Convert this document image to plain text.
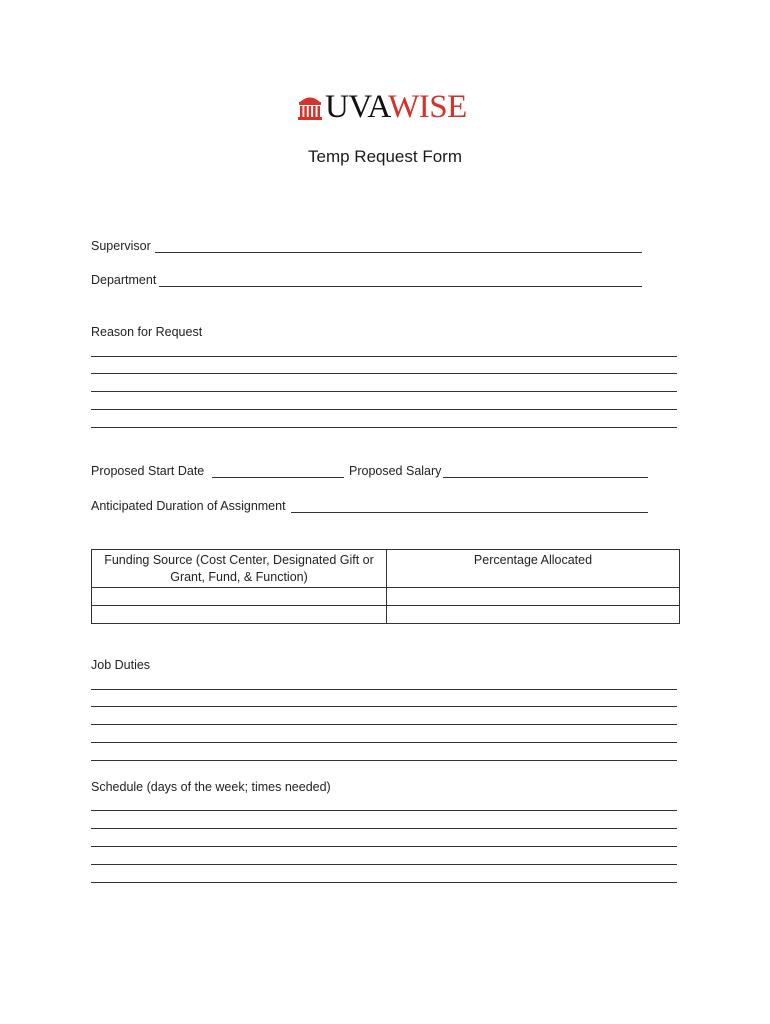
UVAWISE
Temp Request Form
Supervisor
Department
Reason for Request
Proposed Start Date	Proposed Salary
Anticipated Duration of Assignment
Funding Source (Cost Center, Designated Gift or Grant, Fund, & Function)	Percentage Allocated

Job Duties
Schedule (days of the week; times needed)
